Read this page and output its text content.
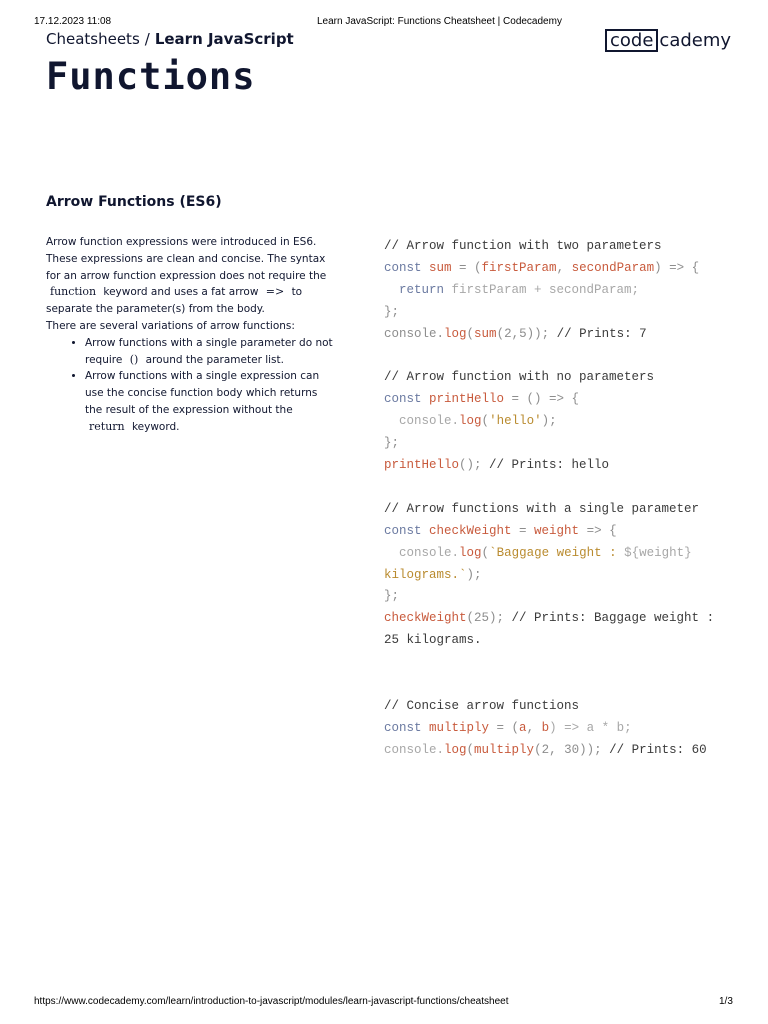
17.12.2023 11:08	Learn JavaScript: Functions Cheatsheet | Codecademy
Cheatsheets / Learn JavaScript	code cademy
Functions
Arrow Functions (ES6)

Arrow function expressions were introduced in ES6. These expressions are clean and concise. The syntax for an arrow function expression does not require the function keyword and uses a fat arrow => to separate the parameter(s) from the body.

There are several variations of arrow functions:

• Arrow functions with a single parameter do not require () around the parameter list.
• Arrow functions with a single expression can use the concise function body which returns the result of the expression without the return keyword.
// Arrow function with two parameters
const sum = (firstParam, secondParam) => {
return firstParam + secondParam;
};
console.log(sum(2,5)); // Prints: 7
// Arrow function with no parameters
const printHello = () => {
console.log('hello');
};
printHello(); // Prints: hello
// Arrow functions with a single parameter
const checkWeight = weight => {
console.log(`Baggage weight : ${weight} kilograms.`);
};
checkWeight(25); // Prints: Baggage weight : 25 kilograms.
// Concise arrow functions
const multiply = (a, b) => a * b;
console.log(multiply(2, 30)); // Prints: 60
https://www.codecademy.com/learn/introduction-to-javascript/modules/learn-javascript-functions/cheatsheet	1/3
